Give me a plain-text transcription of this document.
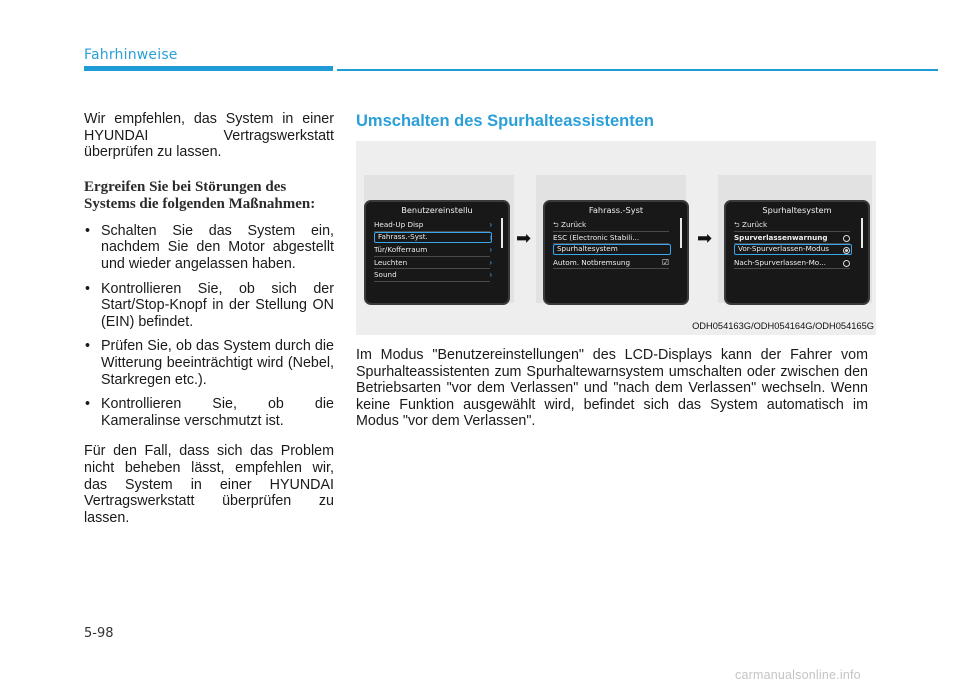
Fahrhinweise

Wir empfehlen, das System in einer HYUNDAI Vertragswerkstatt überprüfen zu lassen.

Ergreifen Sie bei Störungen des Systems die folgenden Maßnahmen:
• Schalten Sie das System ein, nachdem Sie den Motor abgestellt und wieder angelassen haben.
• Kontrollieren Sie, ob sich der Start/Stop-Knopf in der Stellung ON (EIN) befindet.
• Prüfen Sie, ob das System durch die Witterung beeinträchtigt wird (Nebel, Starkregen etc.).
• Kontrollieren Sie, ob die Kameralinse verschmutzt ist.

Für den Fall, dass sich das Problem nicht beheben lässt, empfehlen wir, das System in einer HYUNDAI Vertragswerkstatt überprüfen zu lassen.

Umschalten des Spurhalteassistenten
Benutzereinstellu
Head-Up Disp	›
Fahrass.-Syst.	›
Tür/Kofferraum	›
Leuchten	›
Sound	›
Fahrass.-Syst
⮌ Zurück
ESC (Electronic Stabili...
Spurhaltesystem
Autom. Notbremsung	☑
Spurhaltesystem
⮌ Zurück
Spurverlassenwarnung
Vor-Spurverlassen-Modus
Nach-Spurverlassen-Mo...
➡	➡
ODH054163G/ODH054164G/ODH054165G

Im Modus "Benutzereinstellungen" des LCD-Displays kann der Fahrer vom Spurhalteassistenten zum Spurhaltewarnsystem umschalten oder zwischen den Betriebsarten "vor dem Verlassen" und "nach dem Verlassen" wechseln. Wenn keine Funktion ausgewählt wird, befindet sich das System automatisch im Modus "vor dem Verlassen".

5-98
carmanualsonline.info
